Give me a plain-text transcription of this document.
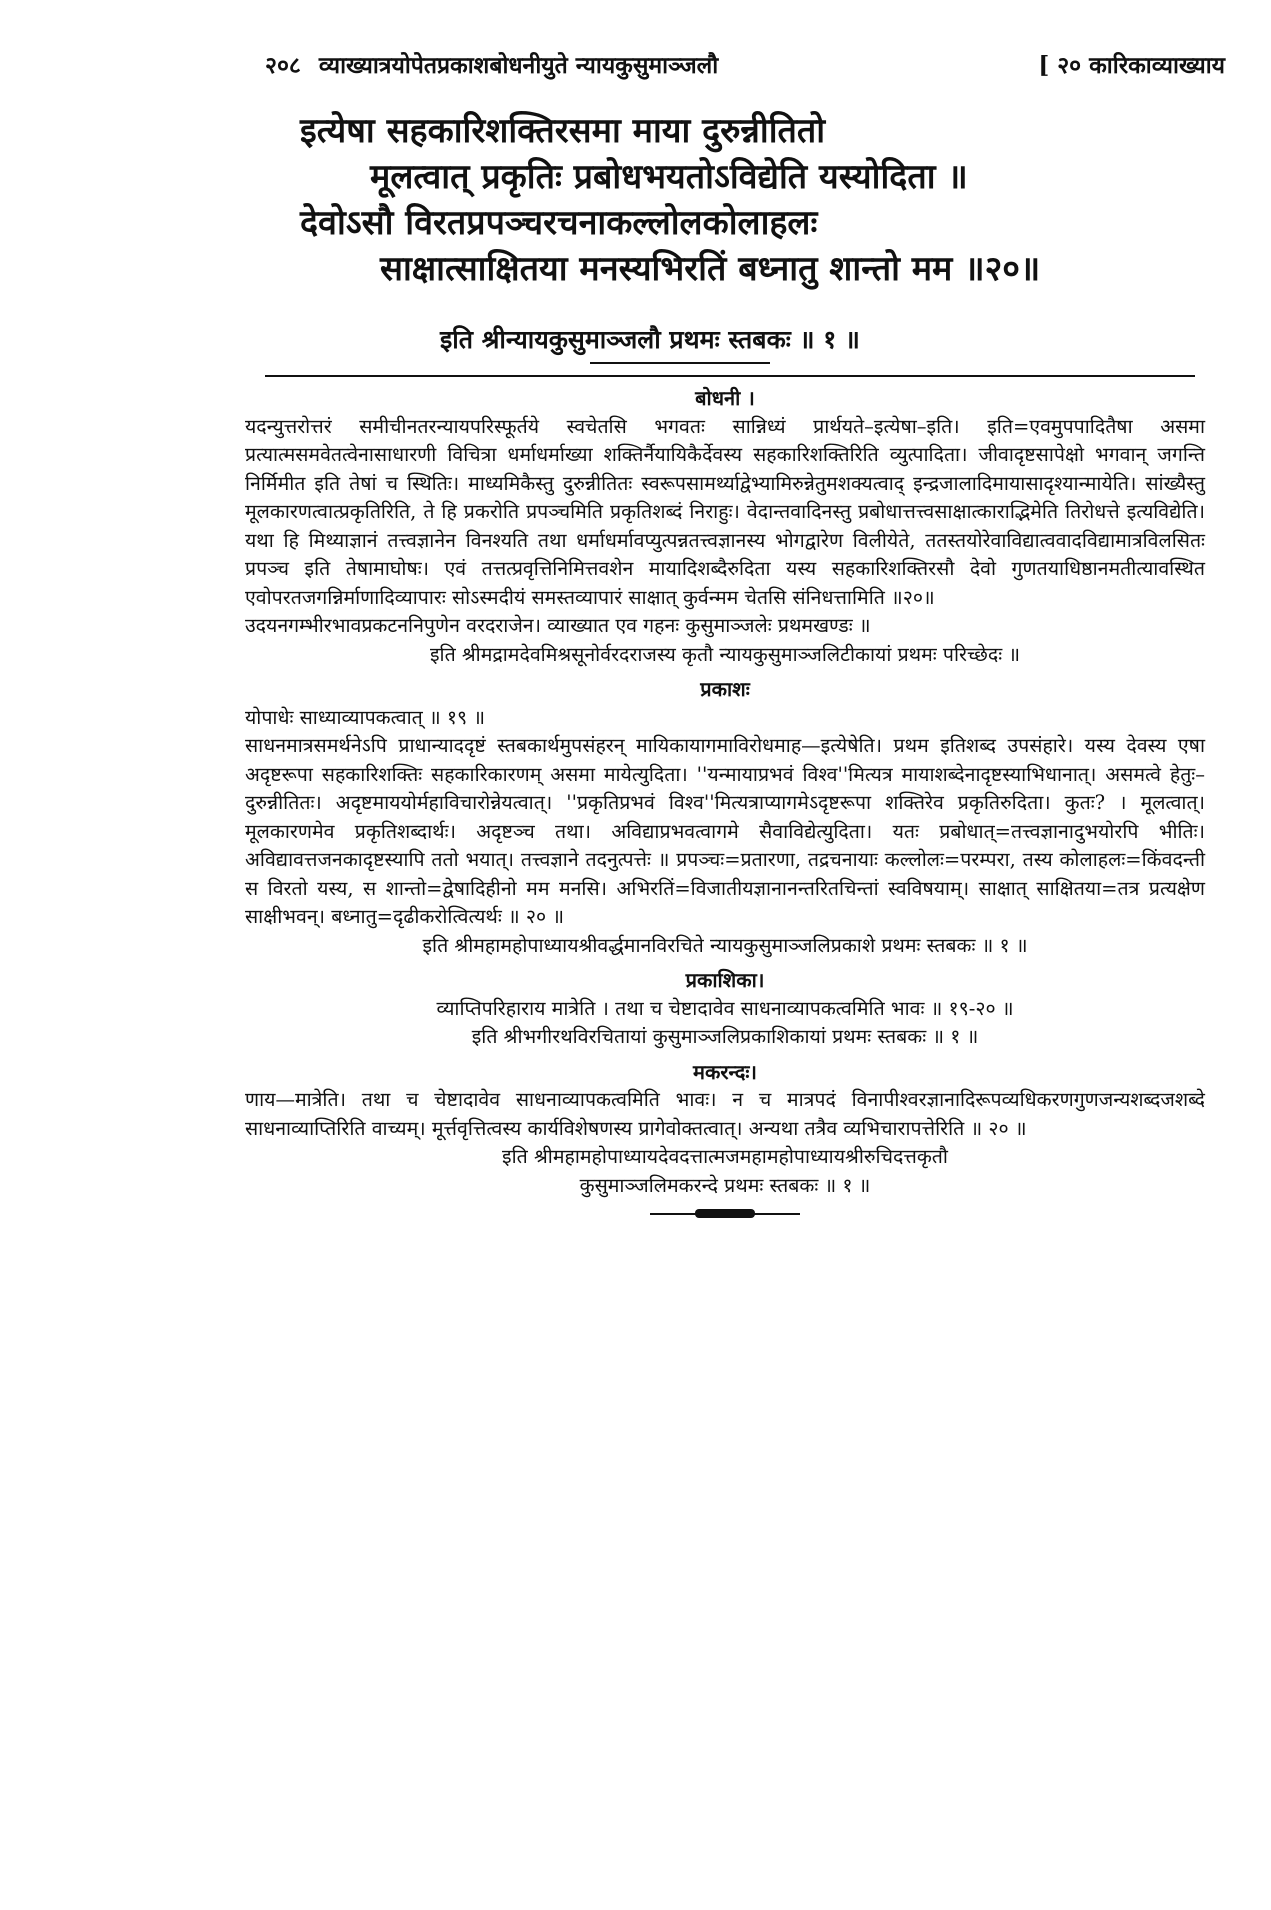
२०८ व्याख्यात्रयोपेतप्रकाशबोधनीयुते न्यायकुसुमाञ्जलौ	[ २० कारिकाव्याख्याय
इत्येषा सहकारिशक्तिरसमा माया दुरुन्नीतितो
मूलत्वात् प्रकृतिः प्रबोधभयतोऽविद्येति यस्योदिता ॥
देवोऽसौ विरतप्रपञ्चरचनाकल्लोलकोलाहलः
साक्षात्साक्षितया मनस्यभिरतिं बध्नातु शान्तो मम ॥२०॥
इति श्रीन्यायकुसुमाञ्जलौ प्रथमः स्तबकः ॥ १ ॥
बोधनी ।
यदन्युत्तरोत्तरं समीचीनतरन्यायपरिस्फूर्तये स्वचेतसि भगवतः सान्निध्यं प्रार्थयते–इत्येषा–इति। इति=एवमुपपादितैषा असमा प्रत्यात्मसमवेतत्वेनासाधारणी विचित्रा धर्माधर्माख्या शक्तिर्नैयायिकैर्देवस्य सहकारिशक्तिरिति व्युत्पादिता। जीवादृष्टसापेक्षो भगवान् जगन्ति निर्मिमीत इति तेषां च स्थितिः। माध्यमिकैस्तु दुरुन्नीतितः स्वरूपसामर्थ्याद्वेभ्यामिरुन्नेतुमशक्यत्वाद् इन्द्रजालादिमायासादृश्यान्मायेति। सांख्यैस्तु मूलकारणत्वात्प्रकृतिरिति, ते हि प्रकरोति प्रपञ्चमिति प्रकृतिशब्दं निराहुः। वेदान्तवादिनस्तु प्रबोधात्तत्त्वसाक्षात्काराद्भिमेति तिरोधत्ते इत्यविद्येति। यथा हि मिथ्याज्ञानं तत्त्वज्ञानेन विनश्यति तथा धर्माधर्मावप्युत्पन्नतत्त्वज्ञानस्य भोगद्वारेण विलीयेते, ततस्तयोरेवाविद्यात्ववादविद्यामात्रविलसितः प्रपञ्च इति तेषामाघोषः। एवं तत्तत्प्रवृत्तिनिमित्तवशेन मायादिशब्दैरुदिता यस्य सहकारिशक्तिरसौ देवो गुणतयाधिष्ठानमतीत्यावस्थित एवोपरतजगन्निर्माणादिव्यापारः सोऽस्मदीयं समस्तव्यापारं साक्षात् कुर्वन्मम चेतसि संनिधत्तामिति ॥२०॥
उदयनगम्भीरभावप्रकटननिपुणेन वरदराजेन। व्याख्यात एव गहनः कुसुमाञ्जलेः प्रथमखण्डः ॥
इति श्रीमद्रामदेवमिश्रसूनोर्वरदराजस्य कृतौ न्यायकुसुमाञ्जलिटीकायां प्रथमः परिच्छेदः ॥
प्रकाशः
योपाधेः साध्याव्यापकत्वात् ॥ १९ ॥
साधनमात्रसमर्थनेऽपि प्राधान्याददृष्टं स्तबकार्थमुपसंहरन् मायिकायागमाविरोधमाह—इत्येषेति। प्रथम इतिशब्द उपसंहारे। यस्य देवस्य एषा अदृष्टरूपा सहकारिशक्तिः सहकारिकारणम् असमा मायेत्युदिता। ''यन्मायाप्रभवं विश्व''मित्यत्र मायाशब्देनादृष्टस्याभिधानात्। असमत्वे हेतुः–दुरुन्नीतितः। अदृष्टमाययोर्महाविचारोन्नेयत्वात्। ''प्रकृतिप्रभवं विश्व''मित्यत्राप्यागमेऽदृष्टरूपा शक्तिरेव प्रकृतिरुदिता। कुतः? । मूलत्वात्। मूलकारणमेव प्रकृतिशब्दार्थः। अदृष्टञ्च तथा। अविद्याप्रभवत्वागमे सैवाविद्येत्युदिता। यतः प्रबोधात्=तत्त्वज्ञानादुभयोरपि भीतिः। अविद्यावत्तजनकादृष्टस्यापि ततो भयात्। तत्त्वज्ञाने तदनुत्पत्तेः ॥ प्रपञ्चः=प्रतारणा, तद्रचनायाः कल्लोलः=परम्परा, तस्य कोलाहलः=किंवदन्ती स विरतो यस्य, स शान्तो=द्वेषादिहीनो मम मनसि। अभिरतिं=विजातीयज्ञानानन्तरितचिन्तां स्वविषयाम्। साक्षात् साक्षितया=तत्र प्रत्यक्षेण साक्षीभवन्। बध्नातु=दृढीकरोत्वित्यर्थः ॥ २० ॥
इति श्रीमहामहोपाध्यायश्रीवर्द्धमानविरचिते न्यायकुसुमाञ्जलिप्रकाशे प्रथमः स्तबकः ॥ १ ॥
प्रकाशिका।
व्याप्तिपरिहाराय मात्रेति । तथा च चेष्टादावेव साधनाव्यापकत्वमिति भावः ॥ १९-२० ॥
इति श्रीभगीरथविरचितायां कुसुमाञ्जलिप्रकाशिकायां प्रथमः स्तबकः ॥ १ ॥
मकरन्दः।
णाय—मात्रेति। तथा च चेष्टादावेव साधनाव्यापकत्वमिति भावः। न च मात्रपदं विनापीश्वरज्ञानादिरूपव्यधिकरणगुणजन्यशब्दजशब्दे साधनाव्याप्तिरिति वाच्यम्। मूर्त्तवृत्तित्वस्य कार्यविशेषणस्य प्रागेवोक्तत्वात्। अन्यथा तत्रैव व्यभिचारापत्तेरिति ॥ २० ॥
इति श्रीमहामहोपाध्यायदेवदत्तात्मजमहामहोपाध्यायश्रीरुचिदत्तकृतौ
कुसुमाञ्जलिमकरन्दे प्रथमः स्तबकः ॥ १ ॥
